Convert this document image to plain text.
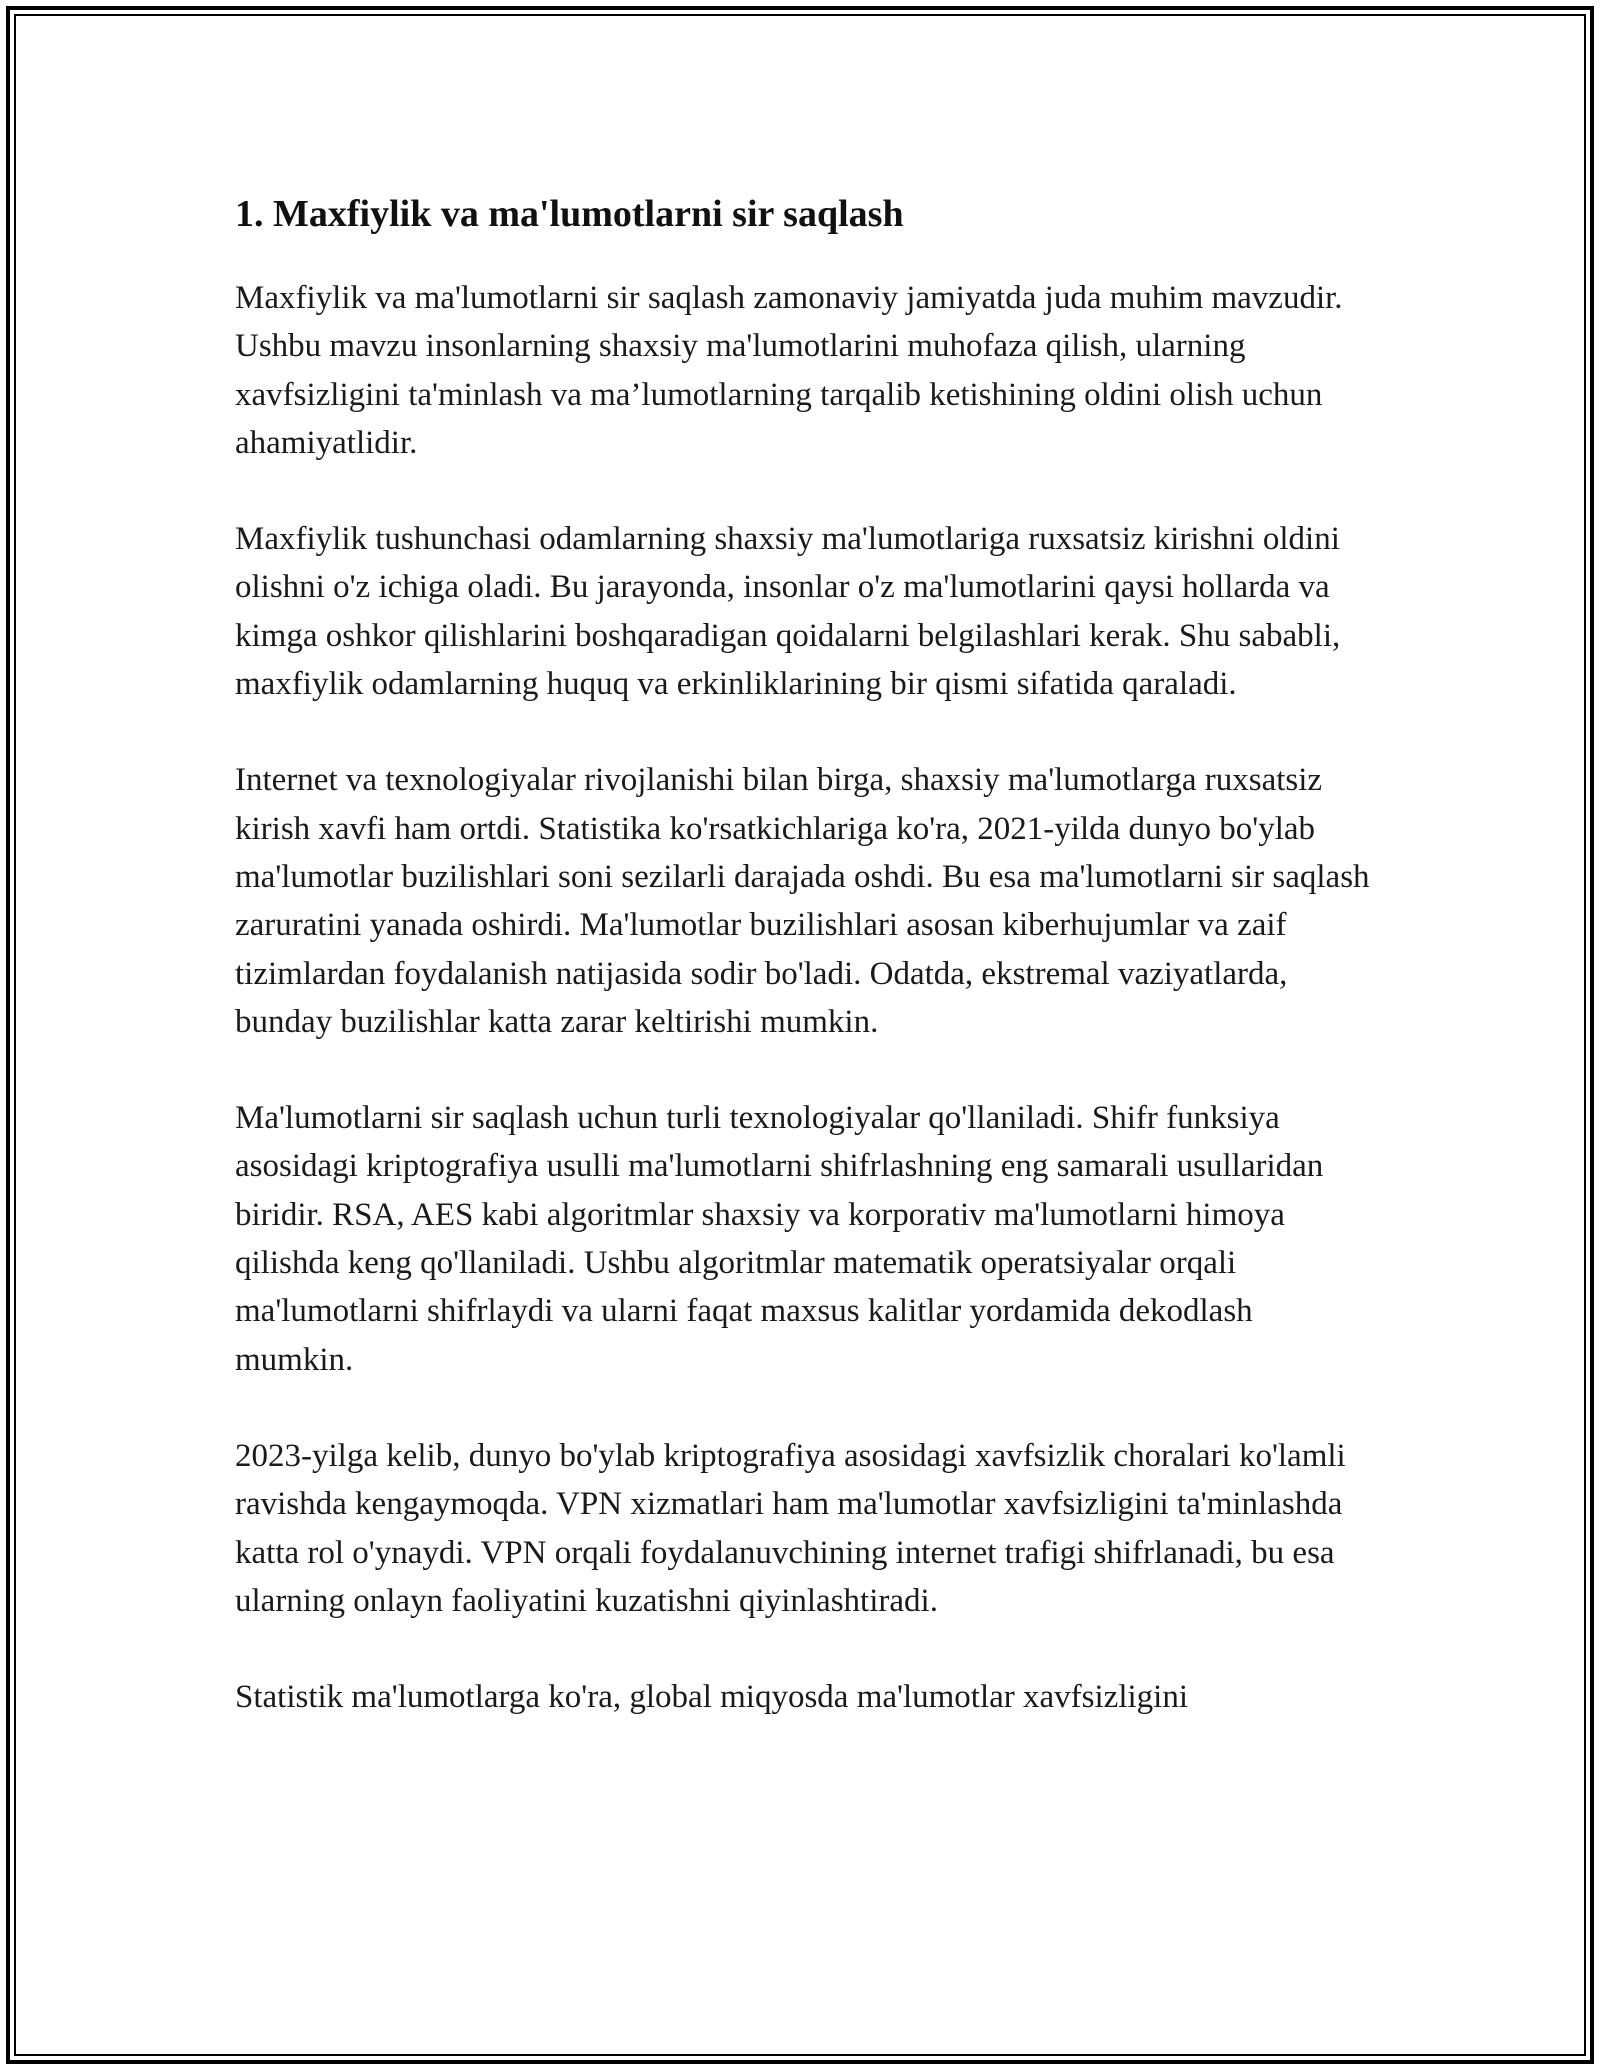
1. Maxfiylik va ma'lumotlarni sir saqlash

Maxfiylik va ma'lumotlarni sir saqlash zamonaviy jamiyatda juda muhim mavzudir. Ushbu mavzu insonlarning shaxsiy ma'lumotlarini muhofaza qilish, ularning xavfsizligini ta'minlash va ma’lumotlarning tarqalib ketishining oldini olish uchun ahamiyatlidir.

Maxfiylik tushunchasi odamlarning shaxsiy ma'lumotlariga ruxsatsiz kirishni oldini olishni o'z ichiga oladi. Bu jarayonda, insonlar o'z ma'lumotlarini qaysi hollarda va kimga oshkor qilishlarini boshqaradigan qoidalarni belgilashlari kerak. Shu sababli, maxfiylik odamlarning huquq va erkinliklarining bir qismi sifatida qaraladi.

Internet va texnologiyalar rivojlanishi bilan birga, shaxsiy ma'lumotlarga ruxsatsiz kirish xavfi ham ortdi. Statistika ko'rsatkichlariga ko'ra, 2021-yilda dunyo bo'ylab ma'lumotlar buzilishlari soni sezilarli darajada oshdi. Bu esa ma'lumotlarni sir saqlash zaruratini yanada oshirdi. Ma'lumotlar buzilishlari asosan kiberhujumlar va zaif tizimlardan foydalanish natijasida sodir bo'ladi. Odatda, ekstremal vaziyatlarda, bunday buzilishlar katta zarar keltirishi mumkin.

Ma'lumotlarni sir saqlash uchun turli texnologiyalar qo'llaniladi. Shifr funksiya asosidagi kriptografiya usulli ma'lumotlarni shifrlashning eng samarali usullaridan biridir. RSA, AES kabi algoritmlar shaxsiy va korporativ ma'lumotlarni himoya qilishda keng qo'llaniladi. Ushbu algoritmlar matematik operatsiyalar orqali ma'lumotlarni shifrlaydi va ularni faqat maxsus kalitlar yordamida dekodlash mumkin.

2023-yilga kelib, dunyo bo'ylab kriptografiya asosidagi xavfsizlik choralari ko'lamli ravishda kengaymoqda. VPN xizmatlari ham ma'lumotlar xavfsizligini ta'minlashda katta rol o'ynaydi. VPN orqali foydalanuvchining internet trafigi shifrlanadi, bu esa ularning onlayn faoliyatini kuzatishni qiyinlashtiradi.

Statistik ma'lumotlarga ko'ra, global miqyosda ma'lumotlar xavfsizligini
